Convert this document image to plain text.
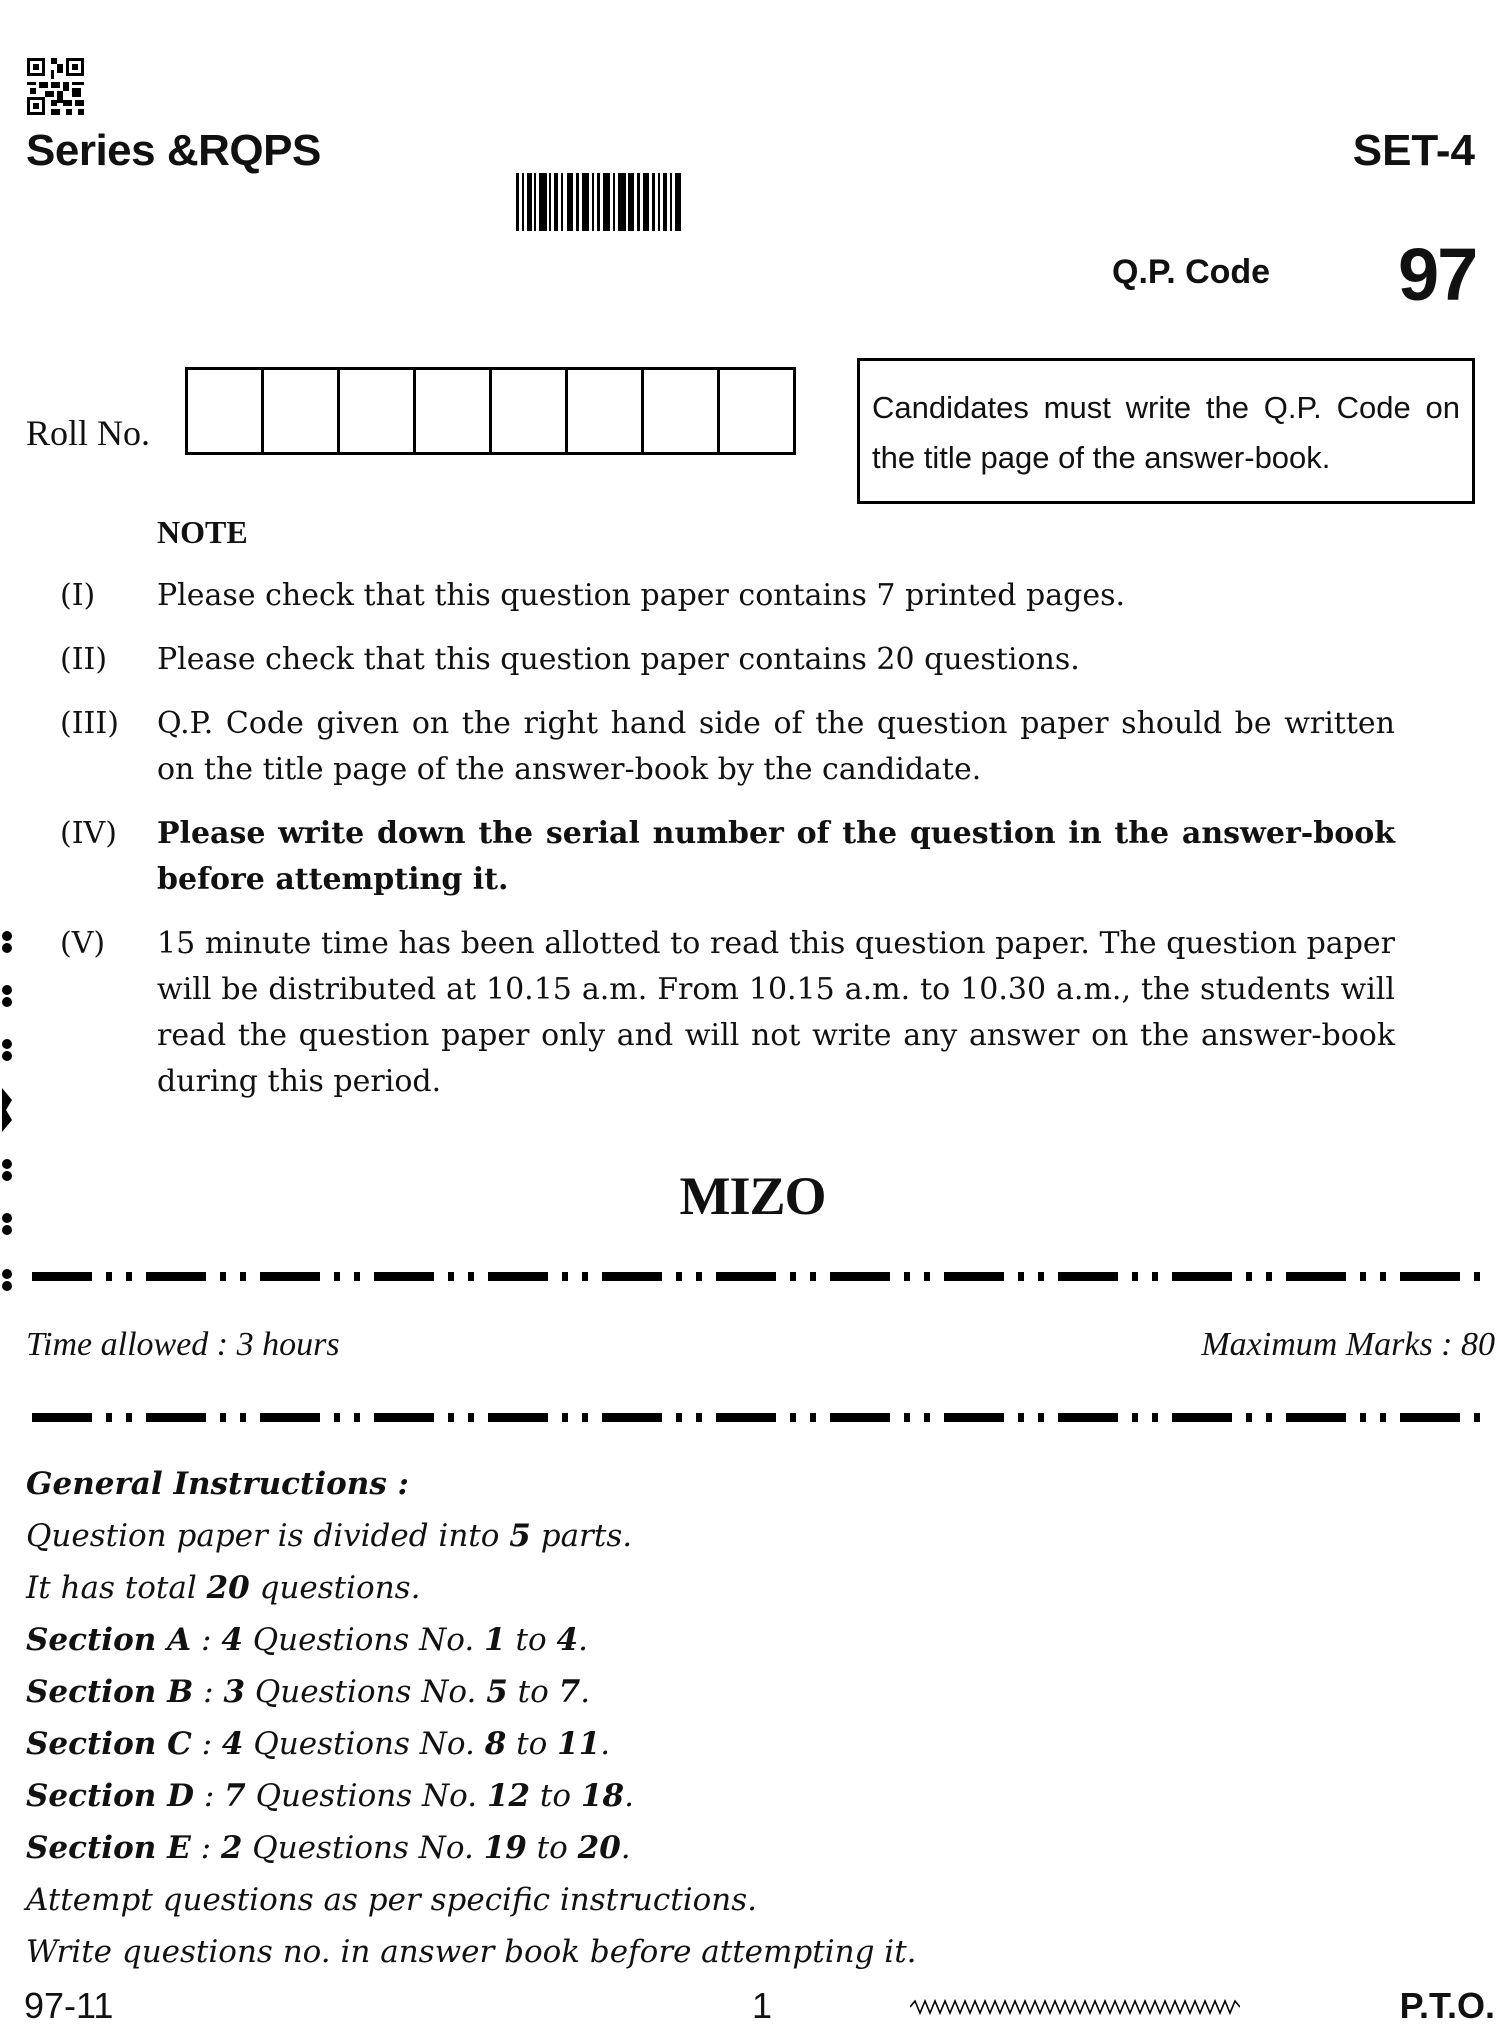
Series &RQPS	SET-4
Q.P. Code 97
Roll No.
Candidates must write the Q.P. Code on the title page of the answer-book.
NOTE
(I)	Please check that this question paper contains 7 printed pages.
(II)	Please check that this question paper contains 20 questions.
(III)	Q.P. Code given on the right hand side of the question paper should be written on the title page of the answer-book by the candidate.
(IV)	Please write down the serial number of the question in the answer-book before attempting it.
(V)	15 minute time has been allotted to read this question paper. The question paper will be distributed at 10.15 a.m. From 10.15 a.m. to 10.30 a.m., the students will read the question paper only and will not write any answer on the answer-book during this period.
MIZO
Time allowed : 3 hours	Maximum Marks : 80
General Instructions :
Question paper is divided into 5 parts.
It has total 20 questions.
Section A : 4 Questions No. 1 to 4.
Section B : 3 Questions No. 5 to 7.
Section C : 4 Questions No. 8 to 11.
Section D : 7 Questions No. 12 to 18.
Section E : 2 Questions No. 19 to 20.
Attempt questions as per specific instructions.
Write questions no. in answer book before attempting it.
97-11	1	P.T.O.
